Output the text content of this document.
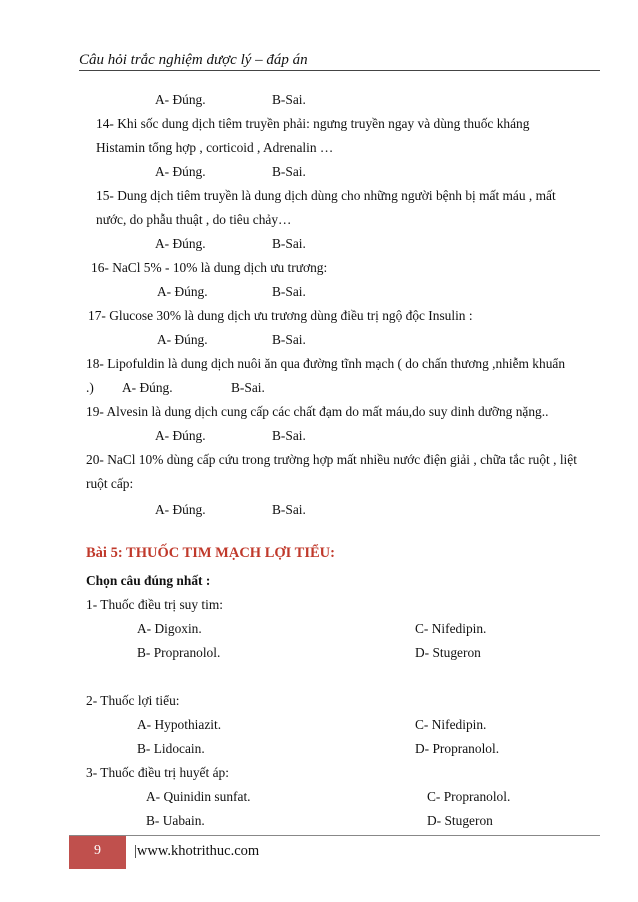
Câu hỏi trắc nghiệm dược lý – đáp án
A- Đúng.	B-Sai.
14- Khi sốc dung dịch tiêm truyền phải: ngưng truyền ngay và dùng thuốc kháng
Histamin tổng hợp , corticoid , Adrenalin …
A- Đúng.	B-Sai.
15- Dung dịch tiêm truyền là dung dịch dùng cho những người bệnh bị mất máu , mất
nước, do phẫu thuật , do tiêu chảy…
A- Đúng.	B-Sai.
16- NaCl 5% - 10% là dung dịch ưu trương:
A- Đúng.	B-Sai.
17- Glucose 30% là dung dịch ưu trương dùng điều trị ngộ độc Insulin :
A- Đúng.	B-Sai.
18- Lipofuldin là dung dịch nuôi ăn qua đường tĩnh mạch ( do chấn thương ,nhiễm khuẩn
.) A- Đúng.	B-Sai.
19- Alvesin là dung dịch cung cấp các chất đạm do mất máu,do suy dinh dưỡng nặng..
A- Đúng.	B-Sai.
20- NaCl 10% dùng cấp cứu trong trường hợp mất nhiều nước điện giải , chữa tắc ruột , liệt
ruột cấp:
A- Đúng.	B-Sai.
Bài 5: THUỐC TIM MẠCH LỢI TIỂU:
Chọn câu đúng nhất :
1- Thuốc điều trị suy tim:
A- Digoxin.	C- Nifedipin.
B- Propranolol.	D- Stugeron
2- Thuốc lợi tiểu:
A- Hypothiazit.	C- Nifedipin.
B- Lidocain.	D- Propranolol.
3- Thuốc điều trị huyết áp:
A- Quinidin sunfat.	C- Propranolol.
B- Uabain.	D- Stugeron
9	|www.khotrithuc.com
